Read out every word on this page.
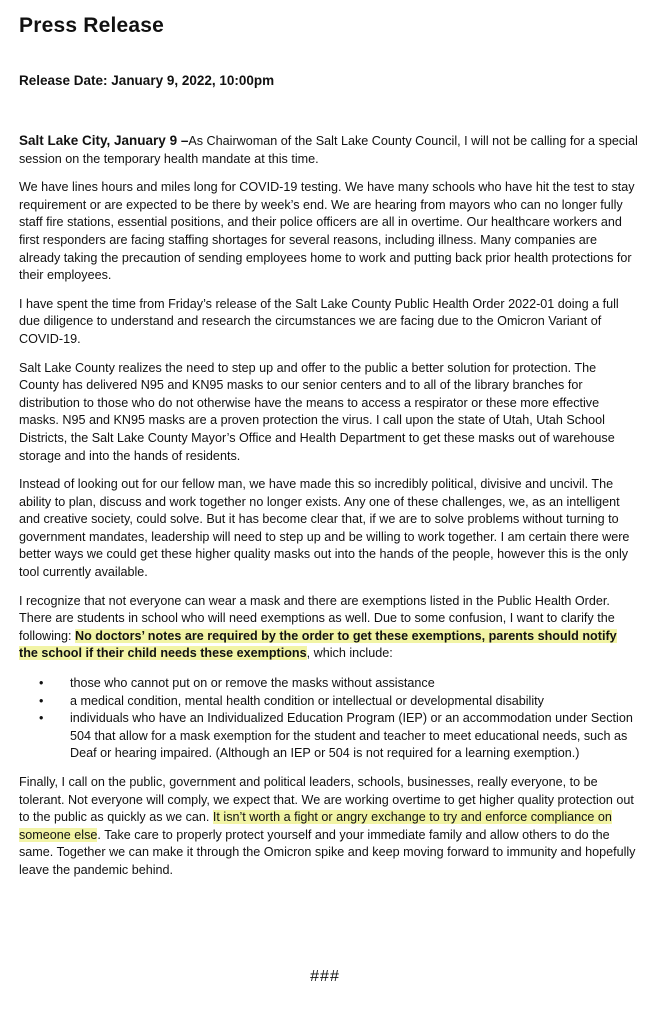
Press Release
Release Date: January 9, 2022, 10:00pm

Salt Lake City, January 9 –As Chairwoman of the Salt Lake County Council, I will not be calling for a special session on the temporary health mandate at this time.

We have lines hours and miles long for COVID-19 testing. We have many schools who have hit the test to stay requirement or are expected to be there by week’s end. We are hearing from mayors who can no longer fully staff fire stations, essential positions, and their police officers are all in overtime. Our healthcare workers and first responders are facing staffing shortages for several reasons, including illness. Many companies are already taking the precaution of sending employees home to work and putting back prior health protections for their employees.

I have spent the time from Friday’s release of the Salt Lake County Public Health Order 2022-01 doing a full due diligence to understand and research the circumstances we are facing due to the Omicron Variant of COVID-19.

Salt Lake County realizes the need to step up and offer to the public a better solution for protection. The County has delivered N95 and KN95 masks to our senior centers and to all of the library branches for distribution to those who do not otherwise have the means to access a respirator or these more effective masks. N95 and KN95 masks are a proven protection the virus. I call upon the state of Utah, Utah School Districts, the Salt Lake County Mayor’s Office and Health Department to get these masks out of warehouse storage and into the hands of residents.

Instead of looking out for our fellow man, we have made this so incredibly political, divisive and uncivil. The ability to plan, discuss and work together no longer exists. Any one of these challenges, we, as an intelligent and creative society, could solve. But it has become clear that, if we are to solve problems without turning to government mandates, leadership will need to step up and be willing to work together. I am certain there were better ways we could get these higher quality masks out into the hands of the people, however this is the only tool currently available.

I recognize that not everyone can wear a mask and there are exemptions listed in the Public Health Order. There are students in school who will need exemptions as well. Due to some confusion, I want to clarify the following: No doctors’ notes are required by the order to get these exemptions, parents should notify the school if their child needs these exemptions, which include:

• those who cannot put on or remove the masks without assistance
• a medical condition, mental health condition or intellectual or developmental disability
• individuals who have an Individualized Education Program (IEP) or an accommodation under Section 504 that allow for a mask exemption for the student and teacher to meet educational needs, such as Deaf or hearing impaired. (Although an IEP or 504 is not required for a learning exemption.)

Finally, I call on the public, government and political leaders, schools, businesses, really everyone, to be tolerant. Not everyone will comply, we expect that. We are working overtime to get higher quality protection out to the public as quickly as we can. It isn’t worth a fight or angry exchange to try and enforce compliance on someone else. Take care to properly protect yourself and your immediate family and allow others to do the same. Together we can make it through the Omicron spike and keep moving forward to immunity and hopefully leave the pandemic behind.

###
